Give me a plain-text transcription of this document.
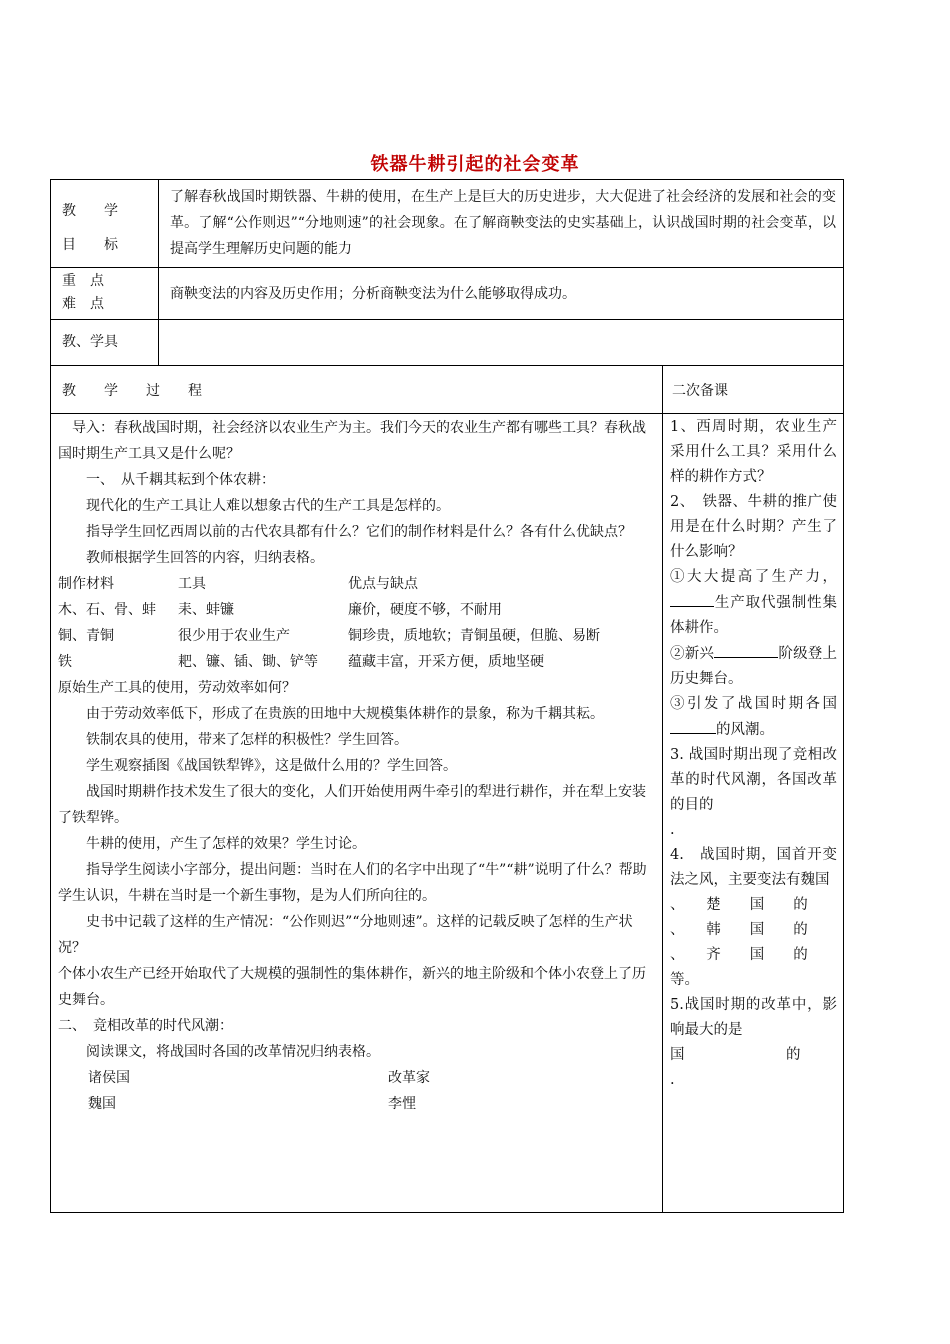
铁器牛耕引起的社会变革
教　　学
目　　标
了解春秋战国时期铁器、牛耕的使用，在生产上是巨大的历史进步，大大促进了社会经济的发展和社会的变革。了解“公作则迟”“分地则速”的社会现象。在了解商鞅变法的史实基础上，认识战国时期的社会变革，以提高学生理解历史问题的能力
重　点
难　点
商鞅变法的内容及历史作用；分析商鞅变法为什么能够取得成功。
教、学具
教　　学　　过　　程	二次备课

导入：春秋战国时期，社会经济以农业生产为主。我们今天的农业生产都有哪些工具？春秋战国时期生产工具又是什么呢？

一、　从千耦其耘到个体农耕：

现代化的生产工具让人难以想象古代的生产工具是怎样的。

指导学生回忆西周以前的古代农具都有什么？它们的制作材料是什么？各有什么优缺点？

教师根据学生回答的内容，归纳表格。

制作材料	工具	优点与缺点
木、石、骨、蚌	耒、蚌镰	廉价，硬度不够，不耐用
铜、青铜	很少用于农业生产	铜珍贵，质地软；青铜虽硬，但脆、易断
铁	耙、镰、锸、锄、铲等	蕴藏丰富，开采方便，质地坚硬

原始生产工具的使用，劳动效率如何？

由于劳动效率低下，形成了在贵族的田地中大规模集体耕作的景象，称为千耦其耘。

铁制农具的使用，带来了怎样的积极性？学生回答。

学生观察插图《战国铁犁铧》，这是做什么用的？学生回答。

战国时期耕作技术发生了很大的变化，人们开始使用两牛牵引的犁进行耕作，并在犁上安装了铁犁铧。

牛耕的使用，产生了怎样的效果？学生讨论。

指导学生阅读小字部分，提出问题：当时在人们的名字中出现了“牛”“耕”说明了什么？帮助学生认识，牛耕在当时是一个新生事物，是为人们所向往的。

史书中记载了这样的生产情况：“公作则迟”“分地则速”。这样的记载反映了怎样的生产状况？

个体小农生产已经开始取代了大规模的强制性的集体耕作，新兴的地主阶级和个体小农登上了历史舞台。

二、　竞相改革的时代风潮：

阅读课文，将战国时各国的改革情况归纳表格。

诸侯国	改革家
魏国	李悝

1、西周时期，农业生产采用什么工具？采用什么样的耕作方式？

2、　铁器、牛耕的推广使用是在什么时期？产生了什么影响？

①大大提高了生产力，生产取代强制性集体耕作。

②新兴	阶级登上历史舞台。

③引发了战国时期各国的风潮。

3. 战国时期出现了竞相改革的时代风潮，各国改革的目的

.

4.　战国时期，国首开变法之风，主要变法有魏国

、　　楚　　国　　的

、　　韩　　国　　的

、　　齐　　国　　的

等。

5.战国时期的改革中，影响最大的是

国　　　　　　　的

.
